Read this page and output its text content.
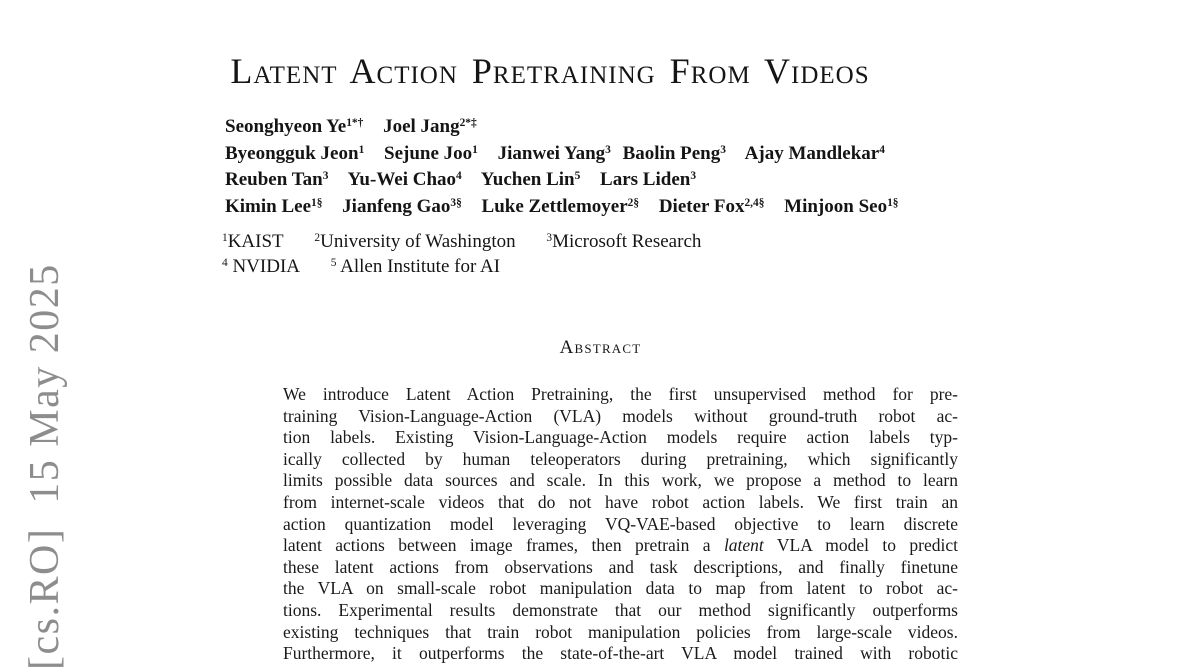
[cs.RO]  15 May 2025
Latent Action Pretraining From Videos
Seonghyeon $Ye^{1*\dagger}$ Joel Jang$^{2*\ddagger}$
Byeongguk Jeon$^1$ Sejune Joo$^1$ Jianwei Yang$^3$ Baolin Peng$^3$ Ajay Mandlekar$^4$
Reuben Tan$^3$ Yu-Wei Chao$^4$ Yuchen Lin$^5$ Lars Liden$^3$
Kimin Lee$^{1\S}$ Jianfeng Gao$^{3\S}$ Luke Zettlemoyer$^{2\S}$ Dieter Fox$^{2,4\S}$ Minjoon Seo$^{1\S}$
$^1$KAIST	$^2$University of Washington	$^3$Microsoft Research
$^4$ NVIDIA	$^5$ Allen Institute for AI
Abstract
We introduce Latent Action Pretraining, the first unsupervised method for pre-
training Vision-Language-Action (VLA) models without ground-truth robot ac-
tion labels. Existing Vision-Language-Action models require action labels typ-
ically collected by human teleoperators during pretraining, which significantly
limits possible data sources and scale. In this work, we propose a method to learn
from internet-scale videos that do not have robot action labels. We first train an
action quantization model leveraging VQ-VAE-based objective to learn discrete
latent actions between image frames, then pretrain a latent VLA model to predict
these latent actions from observations and task descriptions, and finally finetune
the VLA on small-scale robot manipulation data to map from latent to robot ac-
tions. Experimental results demonstrate that our method significantly outperforms
existing techniques that train robot manipulation policies from large-scale videos.
Furthermore, it outperforms the state-of-the-art VLA model trained with robotic
